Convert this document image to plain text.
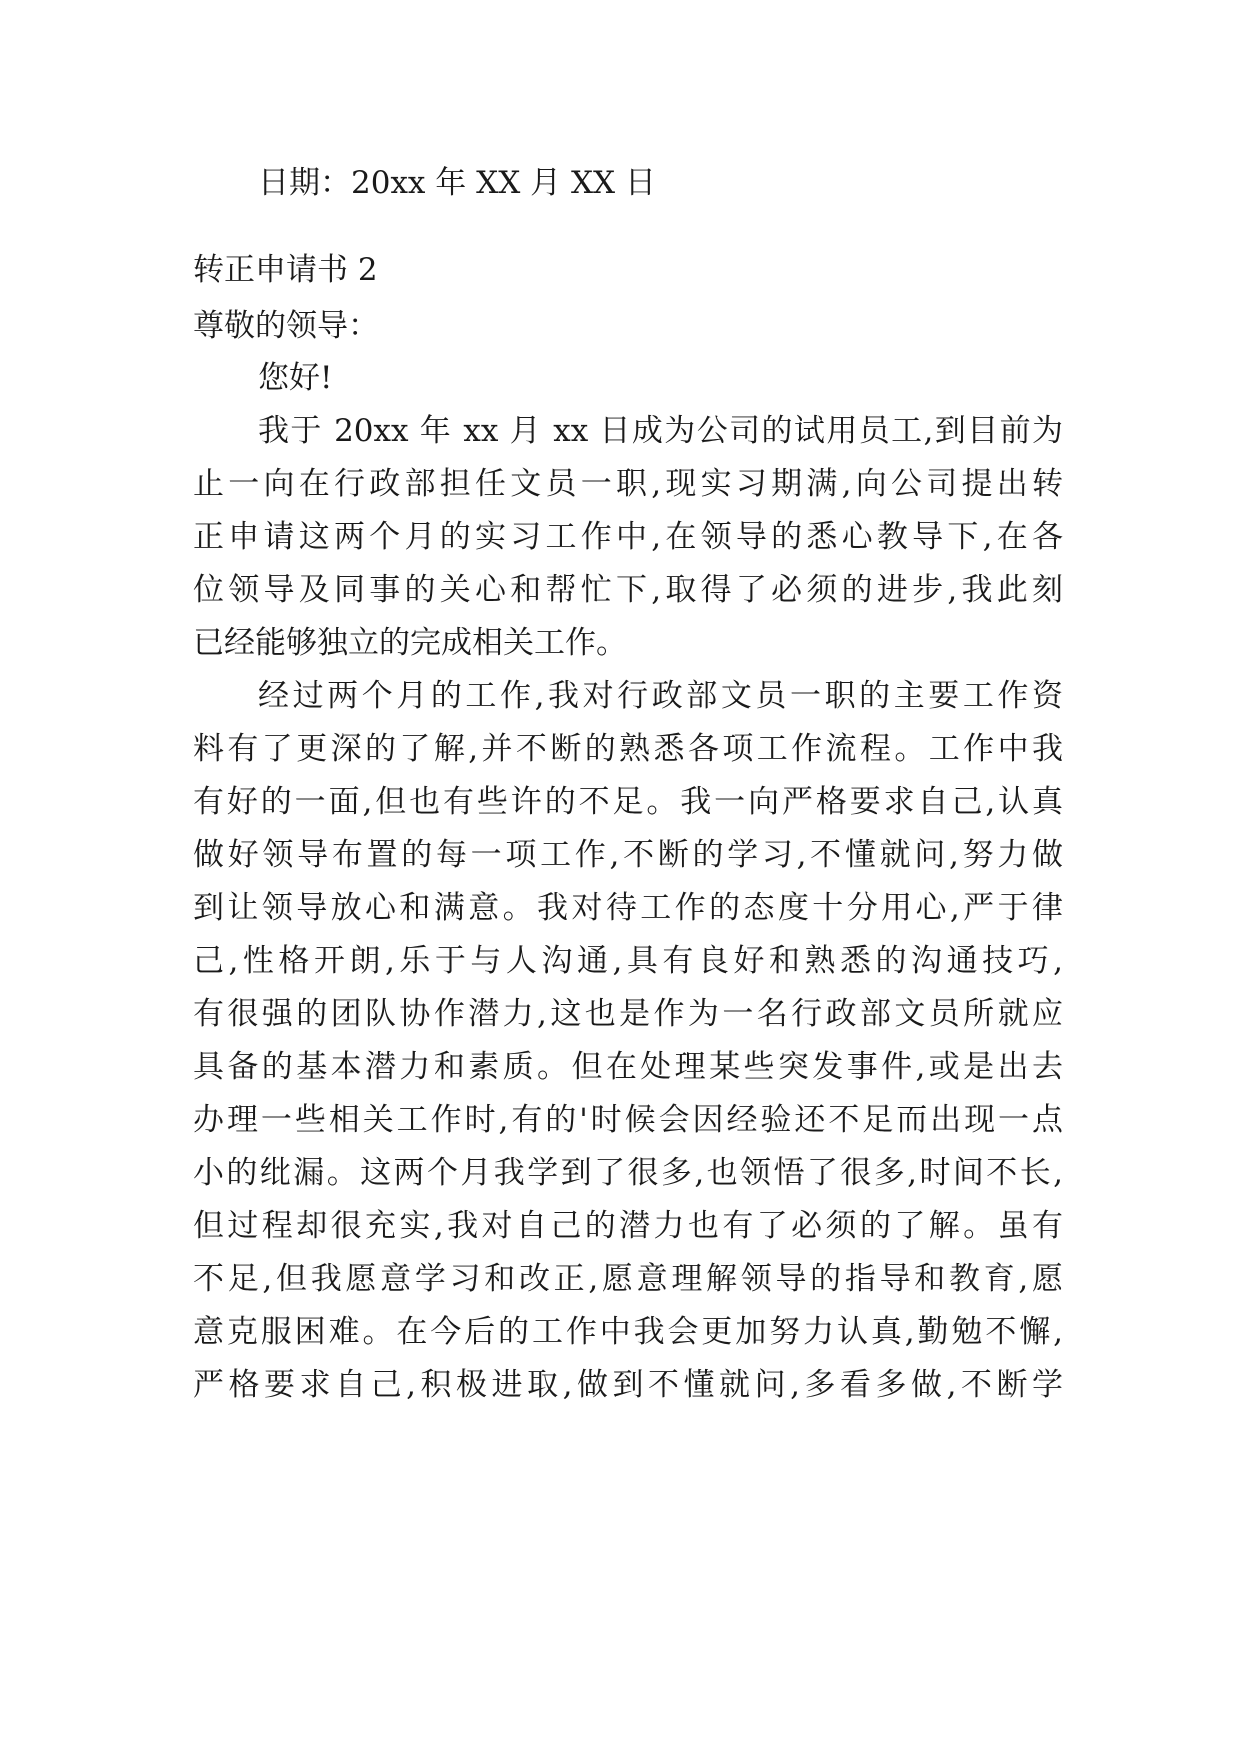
日期：20xx 年 XX 月 XX 日
转正申请书 2
尊敬的领导：
您好!
我于 20xx 年 xx 月 xx 日成为公司的试用员工,到目前为
止一向在行政部担任文员一职,现实习期满,向公司提出转
正申请这两个月的实习工作中,在领导的悉心教导下,在各
位领导及同事的关心和帮忙下,取得了必须的进步,我此刻
已经能够独立的完成相关工作。
经过两个月的工作,我对行政部文员一职的主要工作资
料有了更深的了解,并不断的熟悉各项工作流程。工作中我
有好的一面,但也有些许的不足。我一向严格要求自己,认真
做好领导布置的每一项工作,不断的学习,不懂就问,努力做
到让领导放心和满意。我对待工作的态度十分用心,严于律
己,性格开朗,乐于与人沟通,具有良好和熟悉的沟通技巧,
有很强的团队协作潜力,这也是作为一名行政部文员所就应
具备的基本潜力和素质。但在处理某些突发事件,或是出去
办理一些相关工作时,有的'时候会因经验还不足而出现一点
小的纰漏。这两个月我学到了很多,也领悟了很多,时间不长,
但过程却很充实,我对自己的潜力也有了必须的了解。虽有
不足,但我愿意学习和改正,愿意理解领导的指导和教育,愿
意克服困难。在今后的工作中我会更加努力认真,勤勉不懈,
严格要求自己,积极进取,做到不懂就问,多看多做,不断学
